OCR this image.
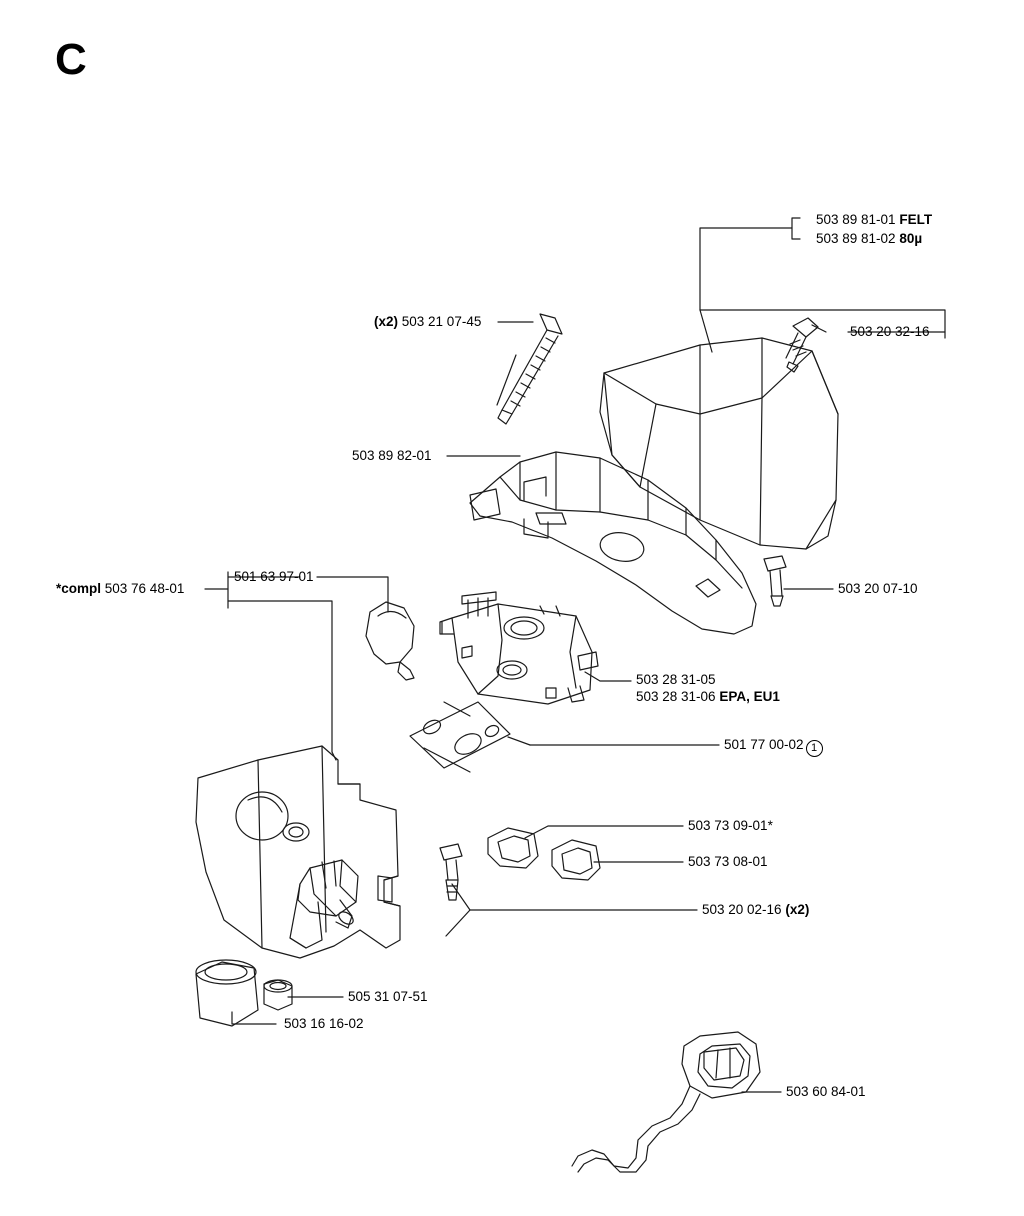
C
503 89 81-01 FELT
503 89 81-02 80µ
503 20 32-16
(x2) 503 21 07-45
503 89 82-01
*compl 503 76 48-01
501 63 97-01
503 20 07-10
503 28 31-05
503 28 31-06 EPA, EU1
501 77 00-02 1
503 73 09-01*
503 73 08-01
503 20 02-16 (x2)
505 31 07-51
503 16 16-02
503 60 84-01
